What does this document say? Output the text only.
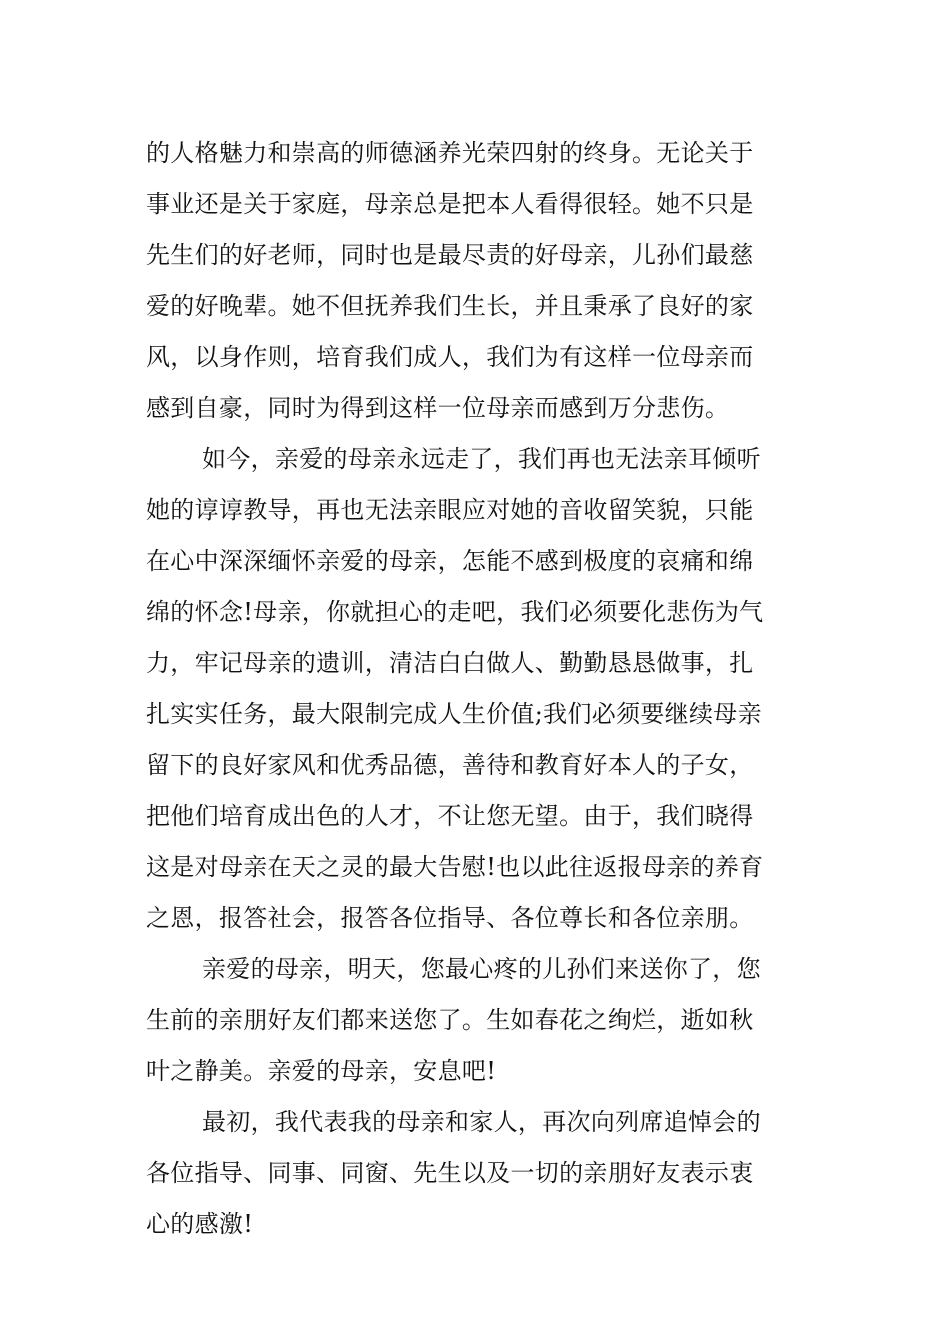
的人格魅力和崇高的师德涵养光荣四射的终身。无论关于
事业还是关于家庭，母亲总是把本人看得很轻。她不只是
先生们的好老师，同时也是最尽责的好母亲，儿孙们最慈
爱的好晚辈。她不但抚养我们生长，并且秉承了良好的家
风，以身作则，培育我们成人，我们为有这样一位母亲而
感到自豪，同时为得到这样一位母亲而感到万分悲伤。
如今，亲爱的母亲永远走了，我们再也无法亲耳倾听
她的谆谆教导，再也无法亲眼应对她的音收留笑貌，只能
在心中深深缅怀亲爱的母亲，怎能不感到极度的哀痛和绵
绵的怀念!母亲，你就担心的走吧，我们必须要化悲伤为气
力，牢记母亲的遗训，清洁白白做人、勤勤恳恳做事，扎
扎实实任务，最大限制完成人生价值;我们必须要继续母亲
留下的良好家风和优秀品德，善待和教育好本人的子女，
把他们培育成出色的人才，不让您无望。由于，我们晓得
这是对母亲在天之灵的最大告慰!也以此往返报母亲的养育
之恩，报答社会，报答各位指导、各位尊长和各位亲朋。
亲爱的母亲，明天，您最心疼的儿孙们来送你了，您
生前的亲朋好友们都来送您了。生如春花之绚烂，逝如秋
叶之静美。亲爱的母亲，安息吧!
最初，我代表我的母亲和家人，再次向列席追悼会的
各位指导、同事、同窗、先生以及一切的亲朋好友表示衷
心的感激!
